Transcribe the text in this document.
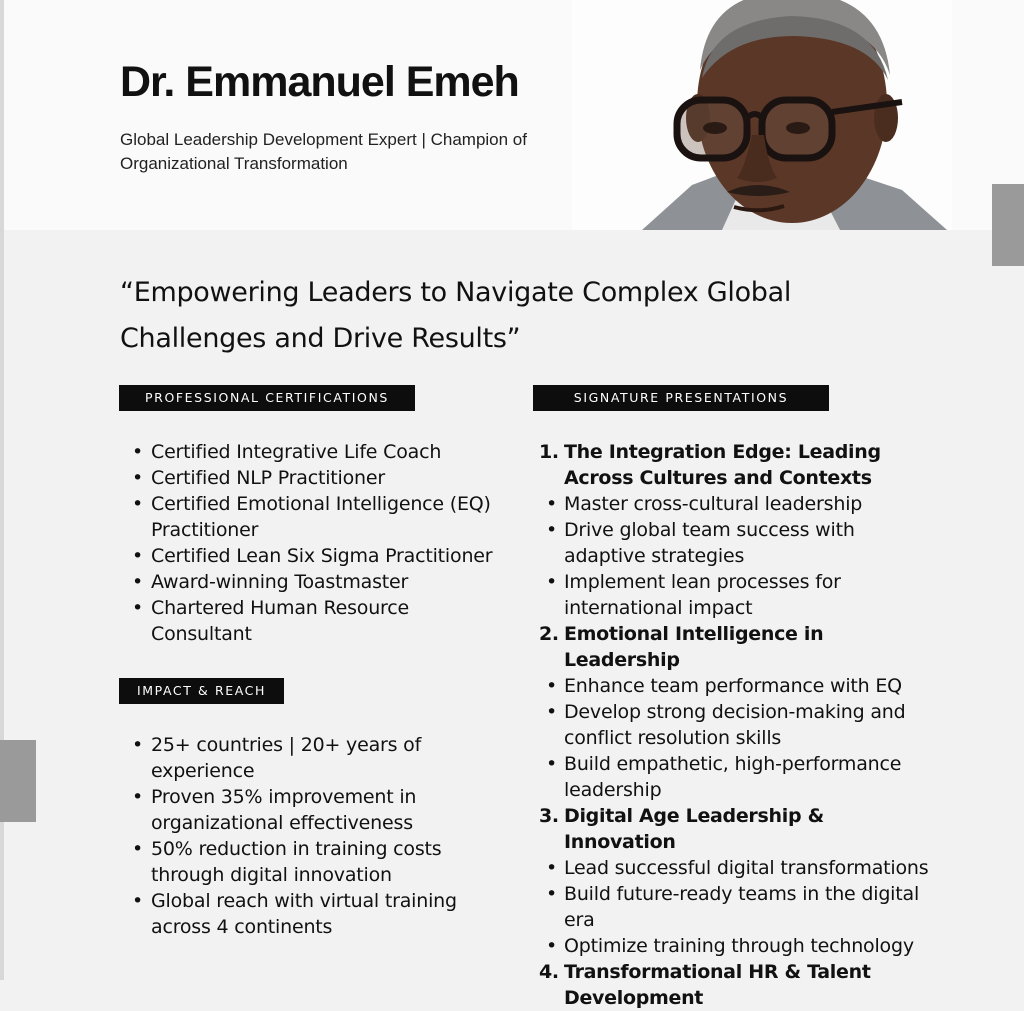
Dr. Emmanuel Emeh

Global Leadership Development Expert | Champion of Organizational Transformation

“Empowering Leaders to Navigate Complex Global Challenges and Drive Results”

PROFESSIONAL CERTIFICATIONS
• Certified Integrative Life Coach
• Certified NLP Practitioner
• Certified Emotional Intelligence (EQ) Practitioner
• Certified Lean Six Sigma Practitioner
• Award-winning Toastmaster
• Chartered Human Resource Consultant
IMPACT & REACH
• 25+ countries | 20+ years of experience
• Proven 35% improvement in organizational effectiveness
• 50% reduction in training costs through digital innovation
• Global reach with virtual training across 4 continents
SIGNATURE PRESENTATIONS
1. The Integration Edge: Leading Across Cultures and Contexts
• Master cross-cultural leadership
• Drive global team success with adaptive strategies
• Implement lean processes for international impact
2. Emotional Intelligence in Leadership
• Enhance team performance with EQ
• Develop strong decision-making and conflict resolution skills
• Build empathetic, high-performance leadership
3. Digital Age Leadership & Innovation
• Lead successful digital transformations
• Build future-ready teams in the digital era
• Optimize training through technology
4. Transformational HR & Talent Development
